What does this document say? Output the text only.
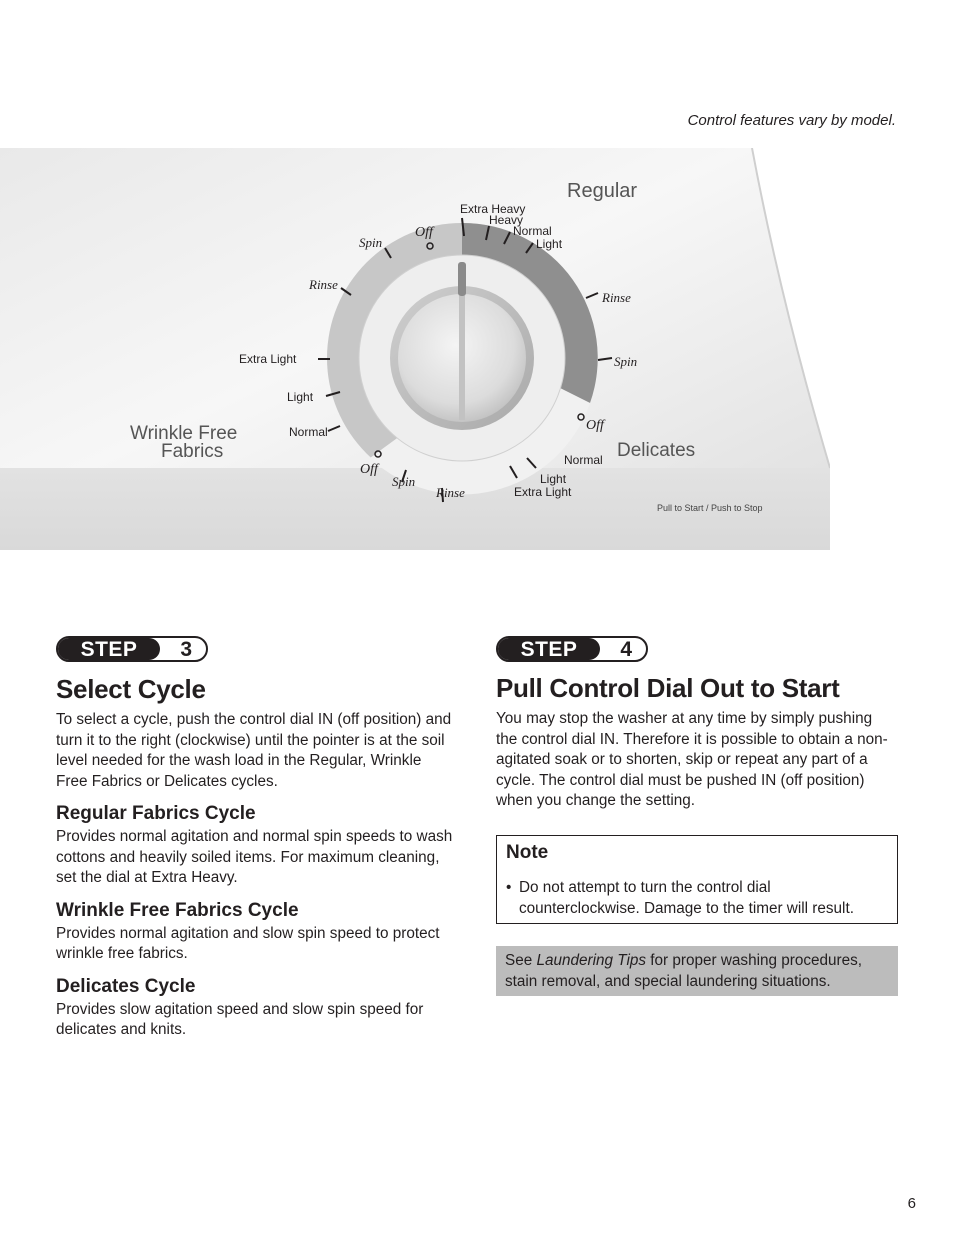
Control features vary by model.
Regular
Wrinkle Free
Fabrics	Delicates
Pull to Start / Push to Stop
Extra Heavy
Heavy
Normal
Light
Rinse
Spin
Off
Normal
Light
Extra Light
Rinse
Spin
Off
Normal
Light
Extra Light
Rinse
Spin
Off
STEP	3
Select Cycle

To select a cycle, push the control dial IN (off position) and turn it to the right (clockwise) until the pointer is at the soil level needed for the wash load in the Regular, Wrinkle Free Fabrics or Delicates cycles.

Regular Fabrics Cycle

Provides normal agitation and normal spin speeds to wash cottons and heavily soiled items. For maximum cleaning, set the dial at Extra Heavy.

Wrinkle Free Fabrics Cycle

Provides normal agitation and slow spin speed to protect wrinkle free fabrics.

Delicates Cycle

Provides slow agitation speed and slow spin speed for delicates and knits.

STEP	4
Pull Control Dial Out to Start

You may stop the washer at any time by simply pushing the control dial IN. Therefore it is possible to obtain a non-agitated soak or to shorten, skip or repeat any part of a cycle. The control dial must be pushed IN (off position) when you change the setting.

Note
• Do not attempt to turn the control dial counterclockwise. Damage to the timer will result.
See Laundering Tips for proper washing procedures, stain removal, and special laundering situations.
6
